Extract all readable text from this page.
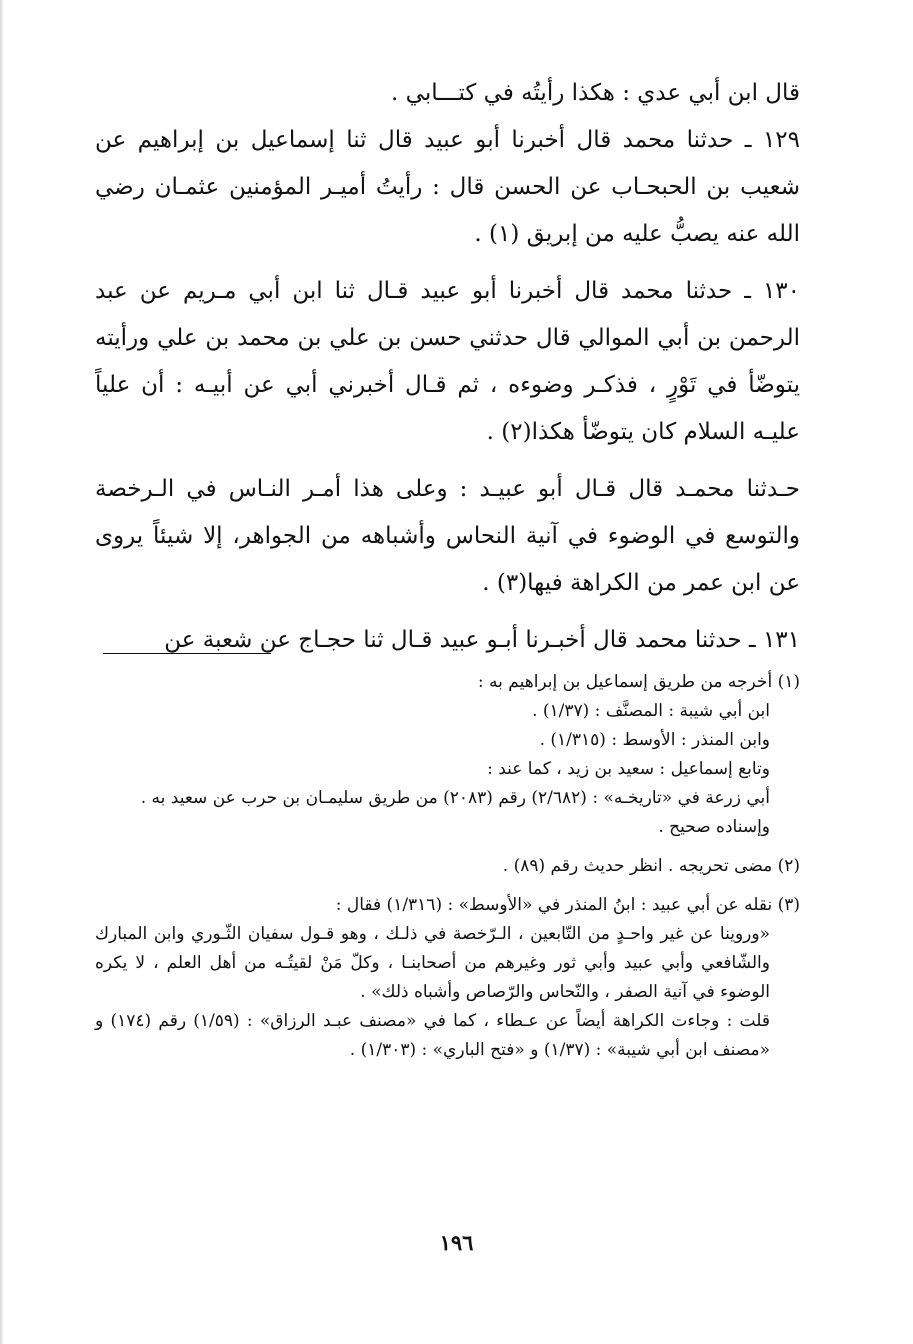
قال ابن أبي عدي : هكذا رأيتُه في كتـــابي .

١٢٩ ـ حدثنا محمد قال أخبرنا أبو عبيد قال ثنا إسماعيل بن إبراهيم عن شعيب بن الحبحـاب عن الحسن قال : رأيتُ أميـر المؤمنين عثمـان رضي الله عنه يصبُّ عليه من إبريق (١) .

١٣٠ ـ حدثنا محمد قال أخبرنا أبو عبيد قـال ثنا ابن أبي مـريم عن عبد الرحمن بن أبي الموالي قال حدثني حسن بن علي بن محمد بن علي ورأيته يتوضّأ في تَوْرٍ ، فذكـر وضوءه ، ثم قـال أخبرني أبي عن أبيـه : أن علياً عليـه السلام كان يتوضّأ هكذا(٢) .

حـدثنا محمـد قال قـال أبو عبيـد : وعلى هذا أمـر النـاس في الـرخصة والتوسع في الوضوء في آنية النحاس وأشباهه من الجواهر، إلا شيئاً يروى عن ابن عمر من الكراهة فيها(٣) .

١٣١ ـ حدثنا محمد قال أخبـرنا أبـو عبيد قـال ثنا حجـاج عن شعبة عن

(١) أخرجه من طريق إسماعيل بن إبراهيم به :

ابن أبي شيبة : المصنَّف : (١/٣٧) .

وابن المنذر : الأوسط : (١/٣١٥) .

وتابع إسماعيل : سعيد بن زيد ، كما عند :

أبي زرعة في «تاريخـه» : (٢/٦٨٢) رقم (٢٠٨٣) من طريق سليمـان بن حرب عن سعيد به .

وإسناده صحيح .

(٢) مضى تحريجه . انظر حديث رقم (٨٩) .

(٣) نقله عن أبي عبيد : ابنُ المنذر في «الأوسط» : (١/٣١٦) فقال :

«وروينا عن غير واحـدٍ من التّابعين ، الـرّخصة في ذلـك ، وهو قـول سفيان الثّـوري وابن المبارك والشّافعي وأبي عبيد وأبي ثور وغيرهم من أصحابنـا ، وكلّ مَنْ لقيتُـه من أهل العلم ، لا يكره الوضوء في آنية الصفر ، والنّحاس والرّصاص وأشباه ذلك» .

قلت : وجاءت الكراهة أيضاً عن عـطاء ، كما في «مصنف عبـد الرزاق» : (١/٥٩) رقم (١٧٤) و «مصنف ابن أبي شيبة» : (١/٣٧) و «فتح الباري» : (١/٣٠٣) .

١٩٦
